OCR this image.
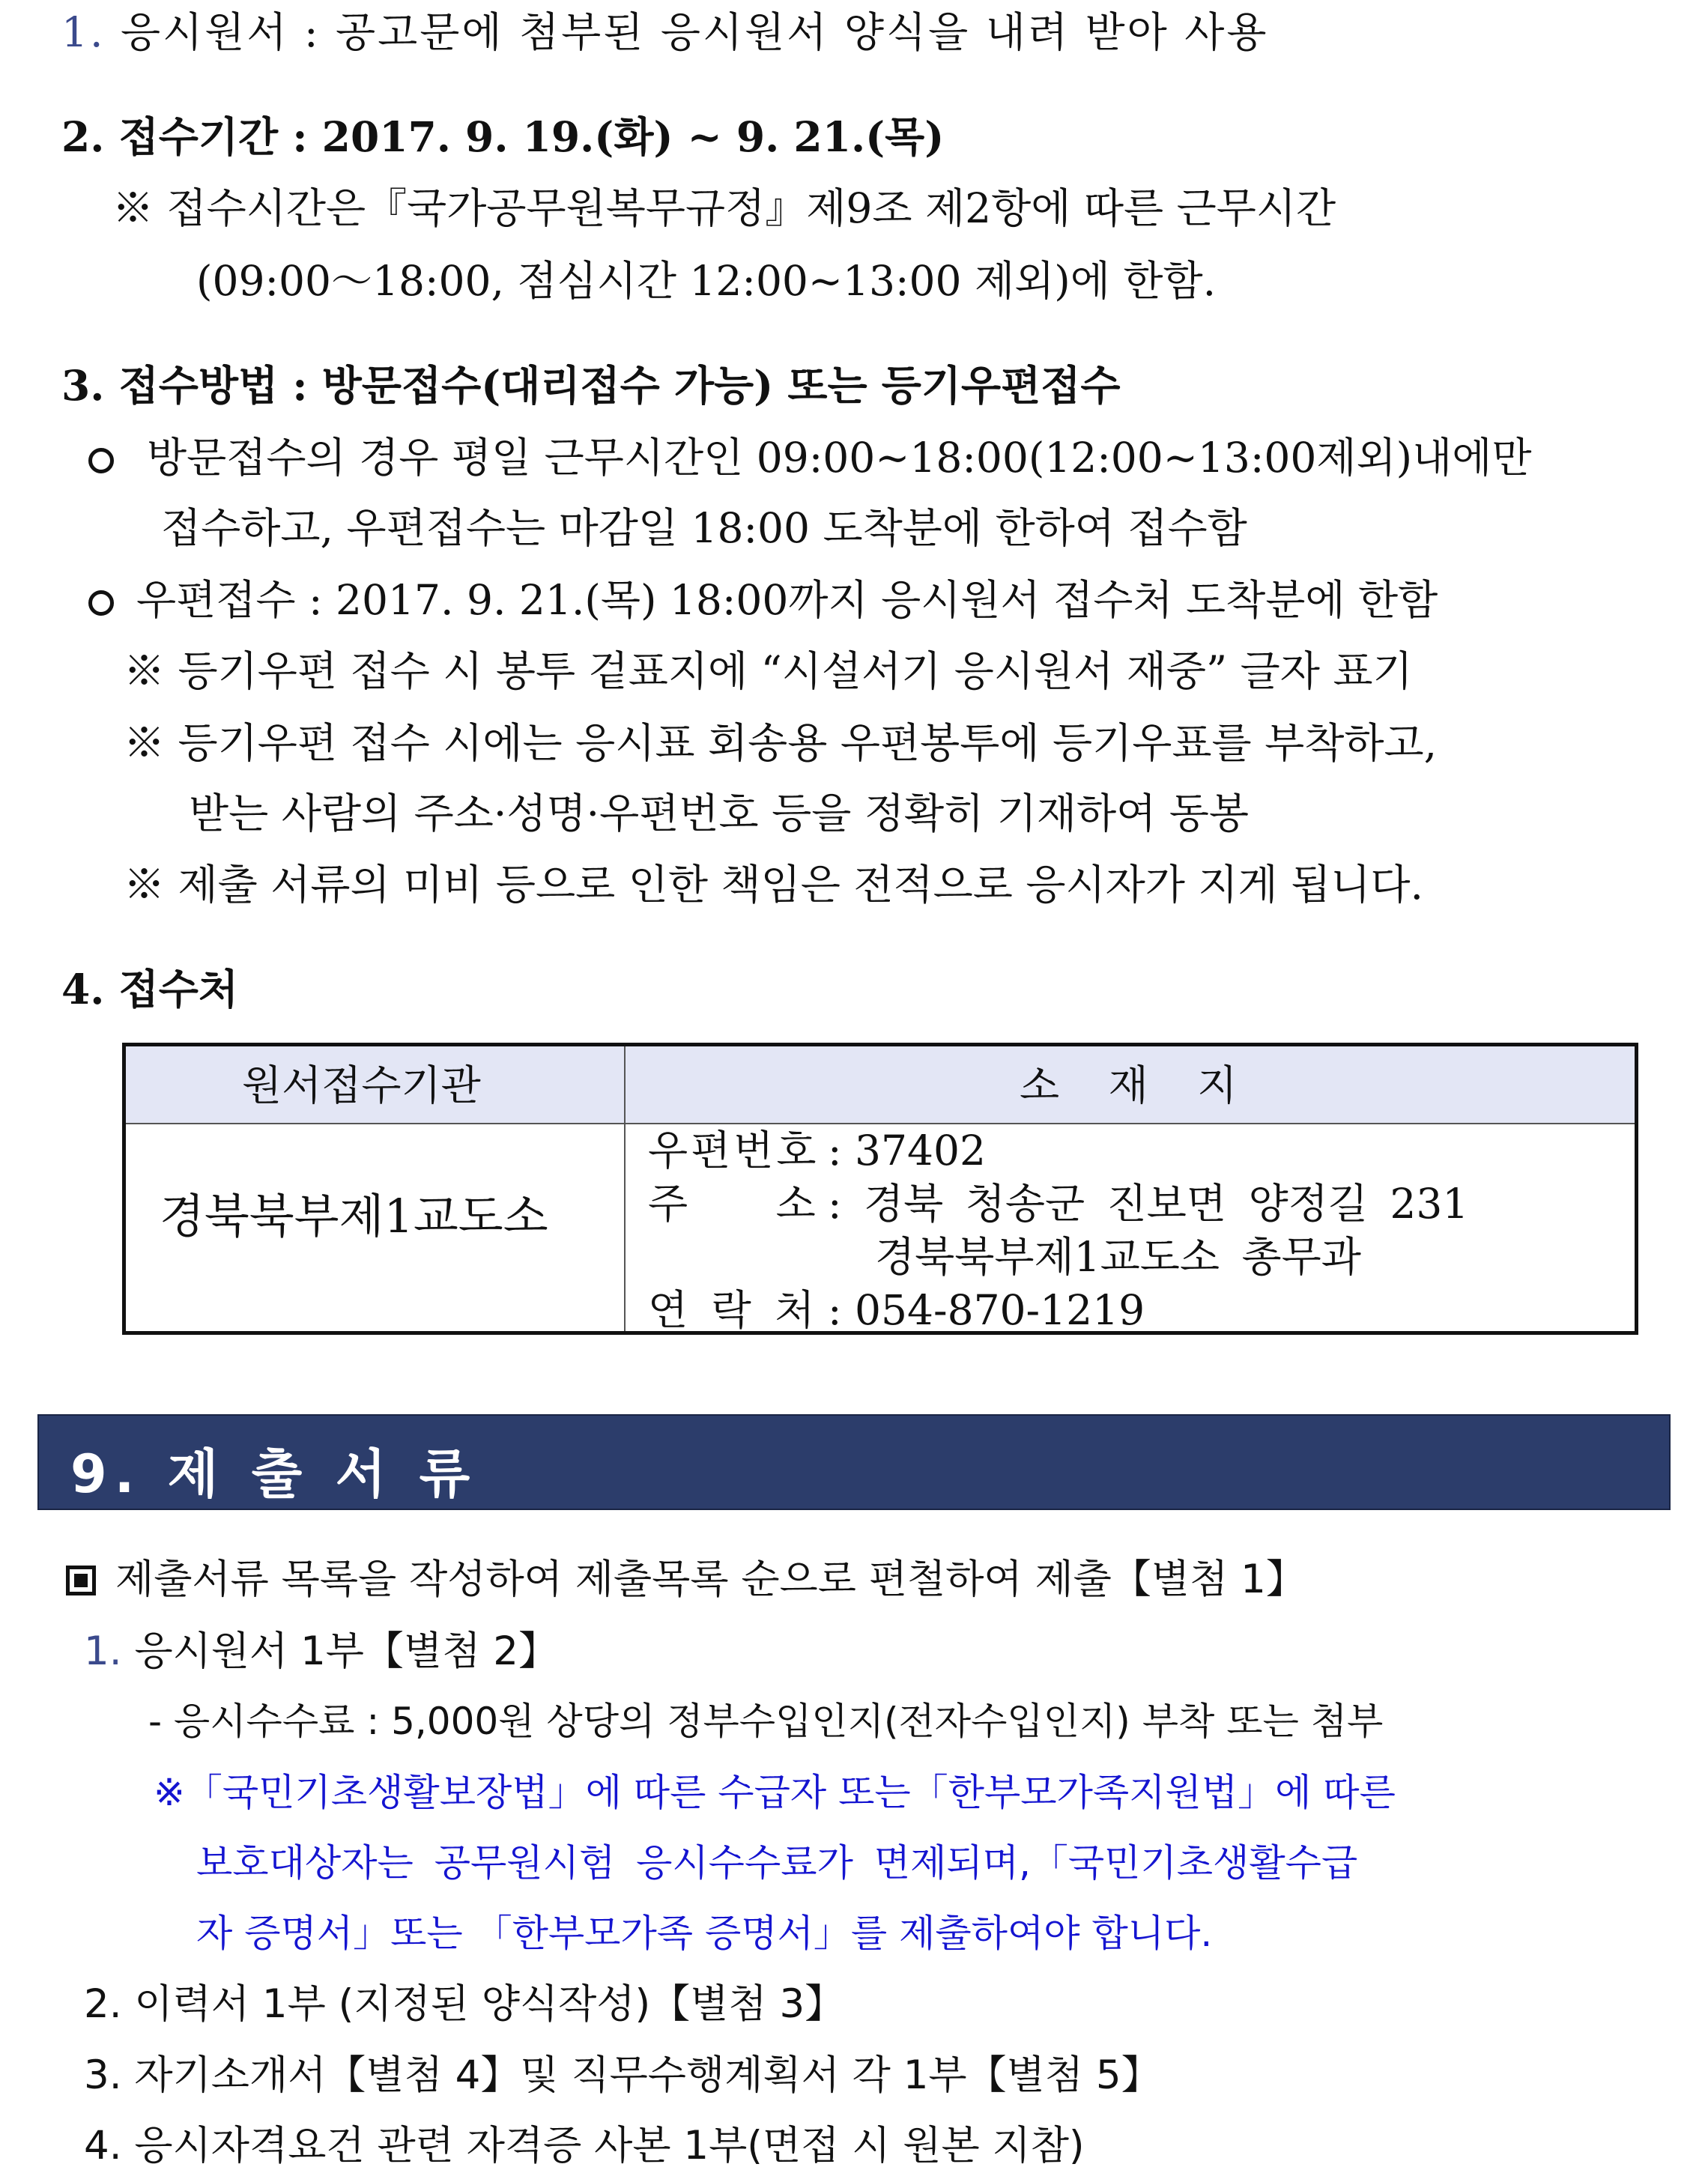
1. 응시원서 : 공고문에 첨부된 응시원서 양식을 내려 받아 사용
2. 접수기간 : 2017. 9. 19.(화) ~ 9. 21.(목)
※ 접수시간은『국가공무원복무규정』제9조 제2항에 따른 근무시간
(09:00～18:00, 점심시간 12:00~13:00 제외)에 한함.
3. 접수방법 : 방문접수(대리접수 가능) 또는 등기우편접수
방문접수의 경우 평일 근무시간인 09:00~18:00(12:00~13:00제외)내에만
접수하고, 우편접수는 마감일 18:00 도착분에 한하여 접수함
우편접수 : 2017. 9. 21.(목) 18:00까지 응시원서 접수처 도착분에 한함
※ 등기우편 접수 시 봉투 겉표지에 “시설서기 응시원서 재중” 글자 표기
※ 등기우편 접수 시에는 응시표 회송용 우편봉투에 등기우표를 부착하고,
받는 사람의 주소·성명·우편번호 등을 정확히 기재하여 동봉
※ 제출 서류의 미비 등으로 인한 책임은 전적으로 응시자가 지게 됩니다.
4. 접수처
원서접수기관	소 재 지
경북북부제1교도소
우편번호 : 37402
주 소 : 경북 청송군 진보면 양정길 231
경북북부제1교도소 총무과
연 락 처 : 054-870-1219
9. 제 출 서 류
제출서류 목록을 작성하여 제출목록 순으로 편철하여 제출【별첨 1】
1. 응시원서 1부【별첨 2】
- 응시수수료 : 5,000원 상당의 정부수입인지(전자수입인지) 부착 또는 첨부
※「국민기초생활보장법」에 따른 수급자 또는「한부모가족지원법」에 따른
보호대상자는 공무원시험 응시수수료가 면제되며,「국민기초생활수급
자 증명서」또는 「한부모가족 증명서」를 제출하여야 합니다.
2. 이력서 1부 (지정된 양식작성)【별첨 3】
3. 자기소개서【별첨 4】및 직무수행계획서 각 1부【별첨 5】
4. 응시자격요건 관련 자격증 사본 1부(면접 시 원본 지참)
